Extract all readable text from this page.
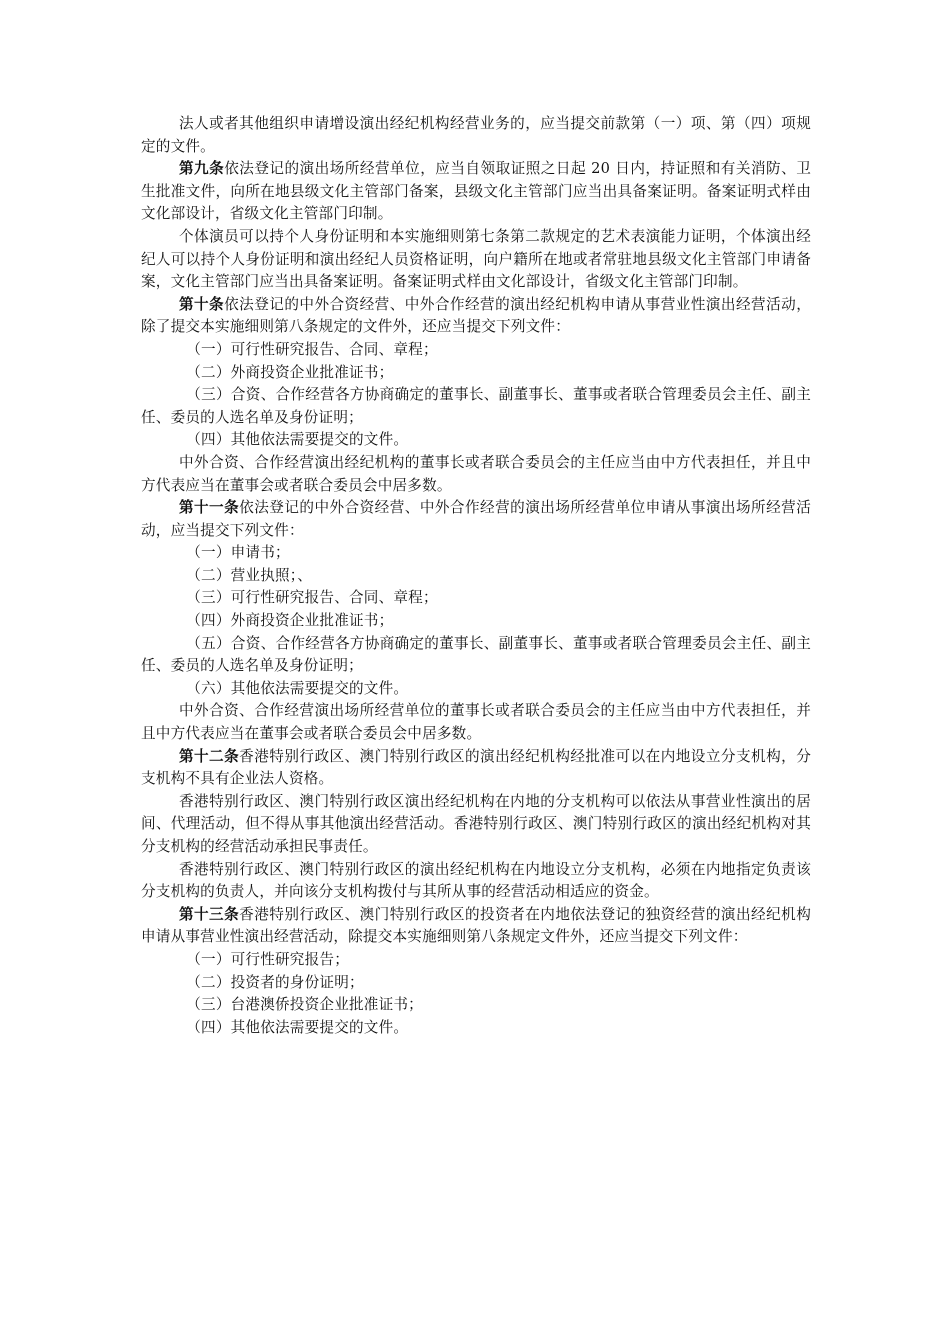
法人或者其他组织申请增设演出经纪机构经营业务的，应当提交前款第（一）项、第（四）项规定的文件。

第九条依法登记的演出场所经营单位，应当自领取证照之日起 20 日内，持证照和有关消防、卫生批准文件，向所在地县级文化主管部门备案，县级文化主管部门应当出具备案证明。备案证明式样由文化部设计，省级文化主管部门印制。

个体演员可以持个人身份证明和本实施细则第七条第二款规定的艺术表演能力证明，个体演出经纪人可以持个人身份证明和演出经纪人员资格证明，向户籍所在地或者常驻地县级文化主管部门申请备案，文化主管部门应当出具备案证明。备案证明式样由文化部设计，省级文化主管部门印制。

第十条依法登记的中外合资经营、中外合作经营的演出经纪机构申请从事营业性演出经营活动，除了提交本实施细则第八条规定的文件外，还应当提交下列文件：

（一）可行性研究报告、合同、章程；

（二）外商投资企业批准证书；

（三）合资、合作经营各方协商确定的董事长、副董事长、董事或者联合管理委员会主任、副主任、委员的人选名单及身份证明；

（四）其他依法需要提交的文件。

中外合资、合作经营演出经纪机构的董事长或者联合委员会的主任应当由中方代表担任，并且中方代表应当在董事会或者联合委员会中居多数。

第十一条依法登记的中外合资经营、中外合作经营的演出场所经营单位申请从事演出场所经营活动，应当提交下列文件：

（一）申请书；

（二）营业执照；、

（三）可行性研究报告、合同、章程；

（四）外商投资企业批准证书；

（五）合资、合作经营各方协商确定的董事长、副董事长、董事或者联合管理委员会主任、副主任、委员的人选名单及身份证明；

（六）其他依法需要提交的文件。

中外合资、合作经营演出场所经营单位的董事长或者联合委员会的主任应当由中方代表担任，并且中方代表应当在董事会或者联合委员会中居多数。

第十二条香港特别行政区、澳门特别行政区的演出经纪机构经批准可以在内地设立分支机构，分支机构不具有企业法人资格。

香港特别行政区、澳门特别行政区演出经纪机构在内地的分支机构可以依法从事营业性演出的居间、代理活动，但不得从事其他演出经营活动。香港特别行政区、澳门特别行政区的演出经纪机构对其分支机构的经营活动承担民事责任。

香港特别行政区、澳门特别行政区的演出经纪机构在内地设立分支机构，必须在内地指定负责该分支机构的负责人，并向该分支机构拨付与其所从事的经营活动相适应的资金。

第十三条香港特别行政区、澳门特别行政区的投资者在内地依法登记的独资经营的演出经纪机构申请从事营业性演出经营活动，除提交本实施细则第八条规定文件外，还应当提交下列文件：

（一）可行性研究报告；

（二）投资者的身份证明；

（三）台港澳侨投资企业批准证书；

（四）其他依法需要提交的文件。
